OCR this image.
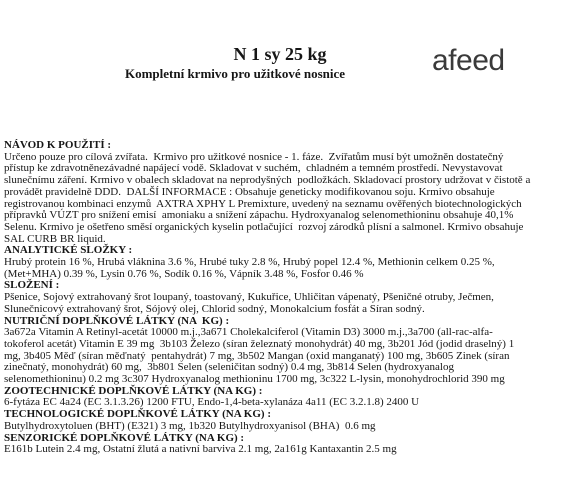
N 1 sy 25 kg
Kompletní krmivo pro užitkové nosnice	afeed

NÁVOD K POUŽITÍ :

Určeno pouze pro cílová zvířata.  Krmivo pro užitkové nosnice - 1. fáze.  Zvířatům musí být umožněn dostatečný

přístup ke zdravotněnezávadné napájecí vodě. Skladovat v suchém,  chladném a temném prostředí. Nevystavovat

slunečnímu záření. Krmivo v obalech skladovat na neprodyšných  podložkách. Skladovací prostory udržovat v čistotě a

provádět pravidelně DDD.  DALŠÍ INFORMACE : Obsahuje geneticky modifikovanou soju. Krmivo obsahuje

registrovanou kombinaci enzymů  AXTRA XPHY L Premixture, uvedený na seznamu ověřených biotechnologických

přípravků VÚZT pro snížení emisí  amoniaku a snížení zápachu. Hydroxyanalog selenomethioninu obsahuje 40,1%

Selenu. Krmivo je ošetřeno směsí organických kyselin potlačující  rozvoj zárodků plísní a salmonel. Krmivo obsahuje

SAL CURB BR liquid.

ANALYTICKÉ SLOŽKY :

Hrubý protein 16 %, Hrubá vláknina 3.6 %, Hrubé tuky 2.8 %, Hrubý popel 12.4 %, Methionin celkem 0.25 %,

(Met+MHA) 0.39 %, Lysin 0.76 %, Sodík 0.16 %, Vápník 3.48 %, Fosfor 0.46 %

SLOŽENÍ :

Pšenice, Sojový extrahovaný šrot loupaný, toastovaný, Kukuřice, Uhličitan vápenatý, Pšeničné otruby, Ječmen,

Slunečnicový extrahovaný šrot, Sójový olej, Chlorid sodný, Monokalcium fosfát a Síran sodný.

NUTRIČNÍ DOPLŇKOVÉ LÁTKY (NA  KG) :

3a672a Vitamin A Retinyl-acetát 10000 m.j.,3a671 Cholekalciferol (Vitamin D3) 3000 m.j.,3a700 (all-rac-alfa-

tokoferol acetát) Vitamin E 39 mg  3b103 Železo (síran železnatý monohydrát) 40 mg, 3b201 Jód (jodid draselný) 1

mg, 3b405 Měď (síran měďnatý  pentahydrát) 7 mg, 3b502 Mangan (oxid manganatý) 100 mg, 3b605 Zinek (síran

zinečnatý, monohydrát) 60 mg,  3b801 Selen (seleničitan sodný) 0.4 mg, 3b814 Selen (hydroxyanalog

selenomethioninu) 0.2 mg 3c307 Hydroxyanalog methioninu 1700 mg, 3c322 L-lysin, monohydrochlorid 390 mg

ZOOTECHNICKÉ DOPLŇKOVÉ LÁTKY (NA KG) :

6-fytáza EC 4a24 (EC 3.1.3.26) 1200 FTU, Endo-1,4-beta-xylanáza 4a11 (EC 3.2.1.8) 2400 U

TECHNOLOGICKÉ DOPLŇKOVÉ LÁTKY (NA KG) :

Butylhydroxytoluen (BHT) (E321) 3 mg, 1b320 Butylhydroxyanisol (BHA)  0.6 mg

SENZORICKÉ DOPLŇKOVÉ LÁTKY (NA KG) :

E161b Lutein 2.4 mg, Ostatní žlutá a nativní barviva 2.1 mg, 2a161g Kantaxantin 2.5 mg
